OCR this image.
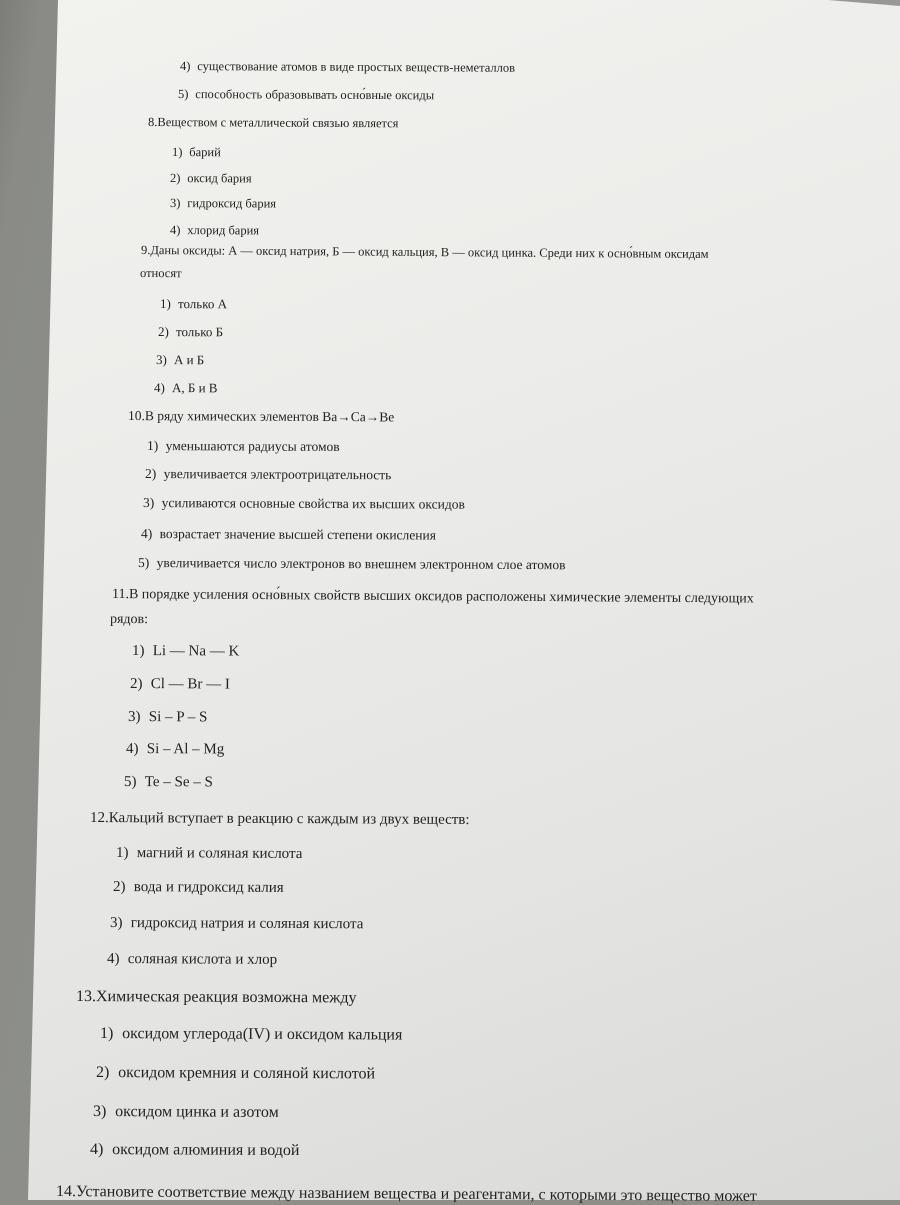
4) существование атомов в виде простых веществ-неметаллов
5) способность образовывать осно́вные оксиды
8.Веществом с металлической связью является
1) барий
2) оксид бария
3) гидроксид бария
4) хлорид бария
9.Даны оксиды: А — оксид натрия, Б — оксид кальция, В — оксид цинка. Среди них к осно́вным оксидам
относят
1) только А
2) только Б
3) А и Б
4) А, Б и В
10.В ряду химических элементов Ba→Ca→Be
1) уменьшаются радиусы атомов
2) увеличивается электроотрицательность
3) усиливаются основные свойства их высших оксидов
4) возрастает значение высшей степени окисления
5) увеличивается число электронов во внешнем электронном слое атомов
11.В порядке усиления осно́вных свойств высших оксидов расположены химические элементы следующих
рядов:
1) Li — Na — K
2) Cl — Br — I
3) Si – P – S
4) Si – Al – Mg
5) Te – Se – S
12.Кальций вступает в реакцию с каждым из двух веществ:
1) магний и соляная кислота
2) вода и гидроксид калия
3) гидроксид натрия и соляная кислота
4) соляная кислота и хлор
13.Химическая реакция возможна между
1) оксидом углерода(IV) и оксидом кальция
2) оксидом кремния и соляной кислотой
3) оксидом цинка и азотом
4) оксидом алюминия и водой
14.Установите соответствие между названием вещества и реагентами, с которыми это вещество может
